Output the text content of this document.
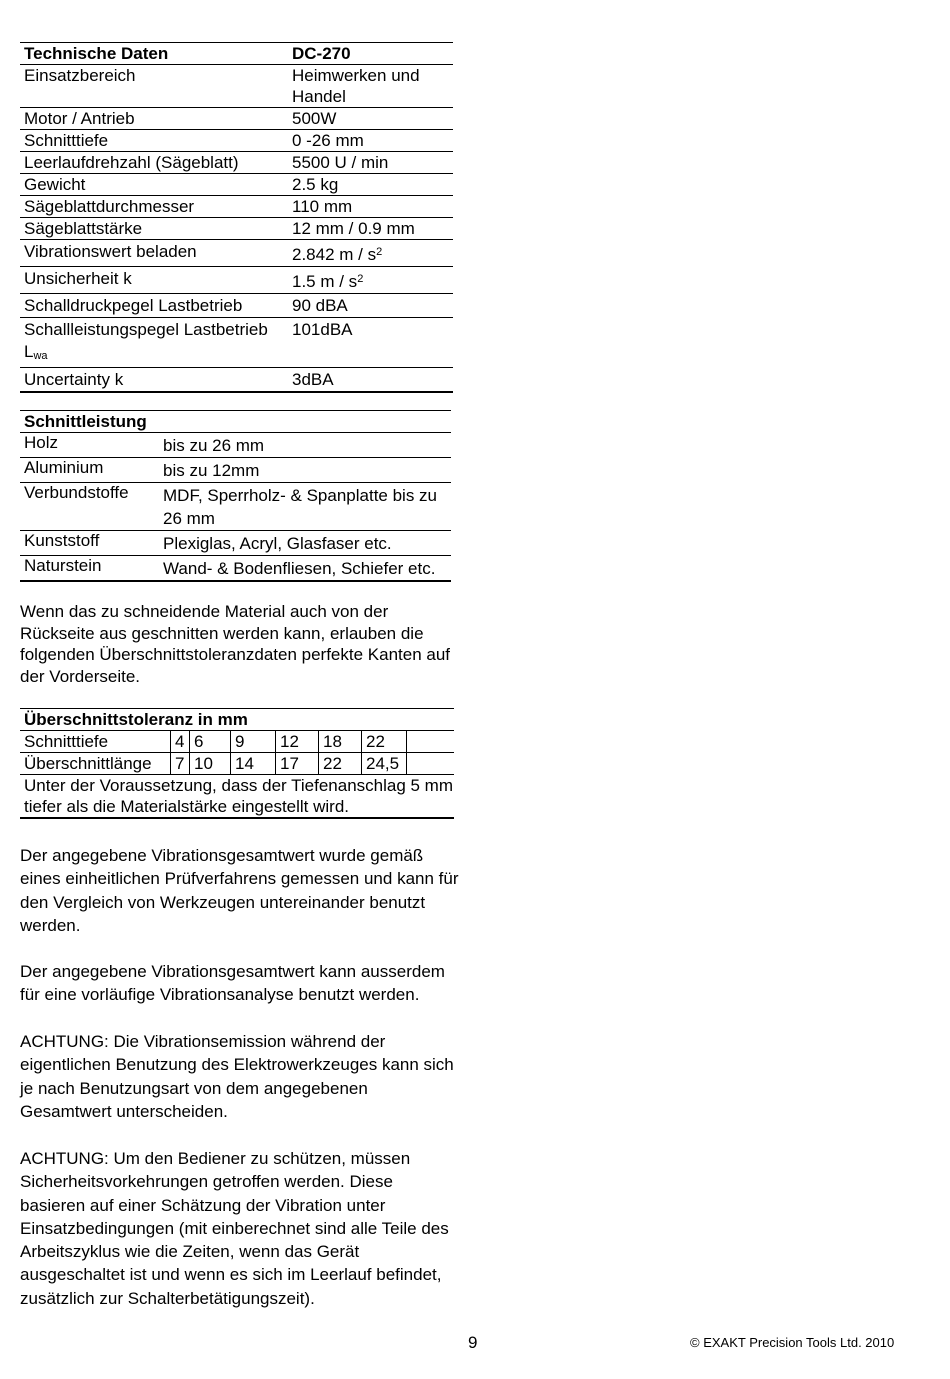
Technische Daten	DC-270
Einsatzbereich	Heimwerken und Handel
Motor / Antrieb	500W
Schnitttiefe	0 -26 mm
Leerlaufdrehzahl (Sägeblatt)	5500 U / min
Gewicht	2.5 kg
Sägeblattdurchmesser	110 mm
Sägeblattstärke	12 mm / 0.9 mm
Vibrationswert beladen	2.842 m / $s^2$
Unsicherheit k	1.5 m / $s^2$
Schalldruckpegel Lastbetrieb	90 dBA
Schallleistungspegel Lastbetrieb Lwa	101dBA
Uncertainty k	3dBA
Schnittleistung	
Holz	bis zu 26 mm
Aluminium	bis zu 12mm
Verbundstoffe	MDF, Sperrholz- & Spanplatte bis zu 26 mm
Kunststoff	Plexiglas, Acryl, Glasfaser etc.
Naturstein	Wand- & Bodenfliesen, Schiefer etc.

Wenn das zu schneidende Material auch von der Rückseite aus geschnitten werden kann, erlauben die folgenden Überschnittstoleranzdaten perfekte Kanten auf der Vorderseite.

Überschnittstoleranz in mm							
Schnitttiefe	4	6	9	12	18	22	
Überschnittlänge	7	10	14	17	22	24,5	
Unter der Voraussetzung, dass der Tiefenanschlag 5 mm tiefer als die Materialstärke eingestellt wird.							

Der angegebene Vibrationsgesamtwert wurde gemäß eines einheitlichen Prüfverfahrens gemessen und kann für den Vergleich von Werkzeugen untereinander benutzt werden.

Der angegebene Vibrationsgesamtwert kann ausserdem für eine vorläufige Vibrationsanalyse benutzt werden.

ACHTUNG: Die Vibrationsemission während der eigentlichen Benutzung des Elektrowerkzeuges kann sich je nach Benutzungsart von dem angegebenen Gesamtwert unterscheiden.

ACHTUNG: Um den Bediener zu schützen, müssen Sicherheitsvorkehrungen getroffen werden. Diese basieren auf einer Schätzung der Vibration unter Einsatzbedingungen (mit einberechnet sind alle Teile des Arbeitszyklus wie die Zeiten, wenn das Gerät ausgeschaltet ist und wenn es sich im Leerlauf befindet, zusätzlich zur Schalterbetätigungszeit).

9	© EXAKT Precision Tools Ltd. 2010
